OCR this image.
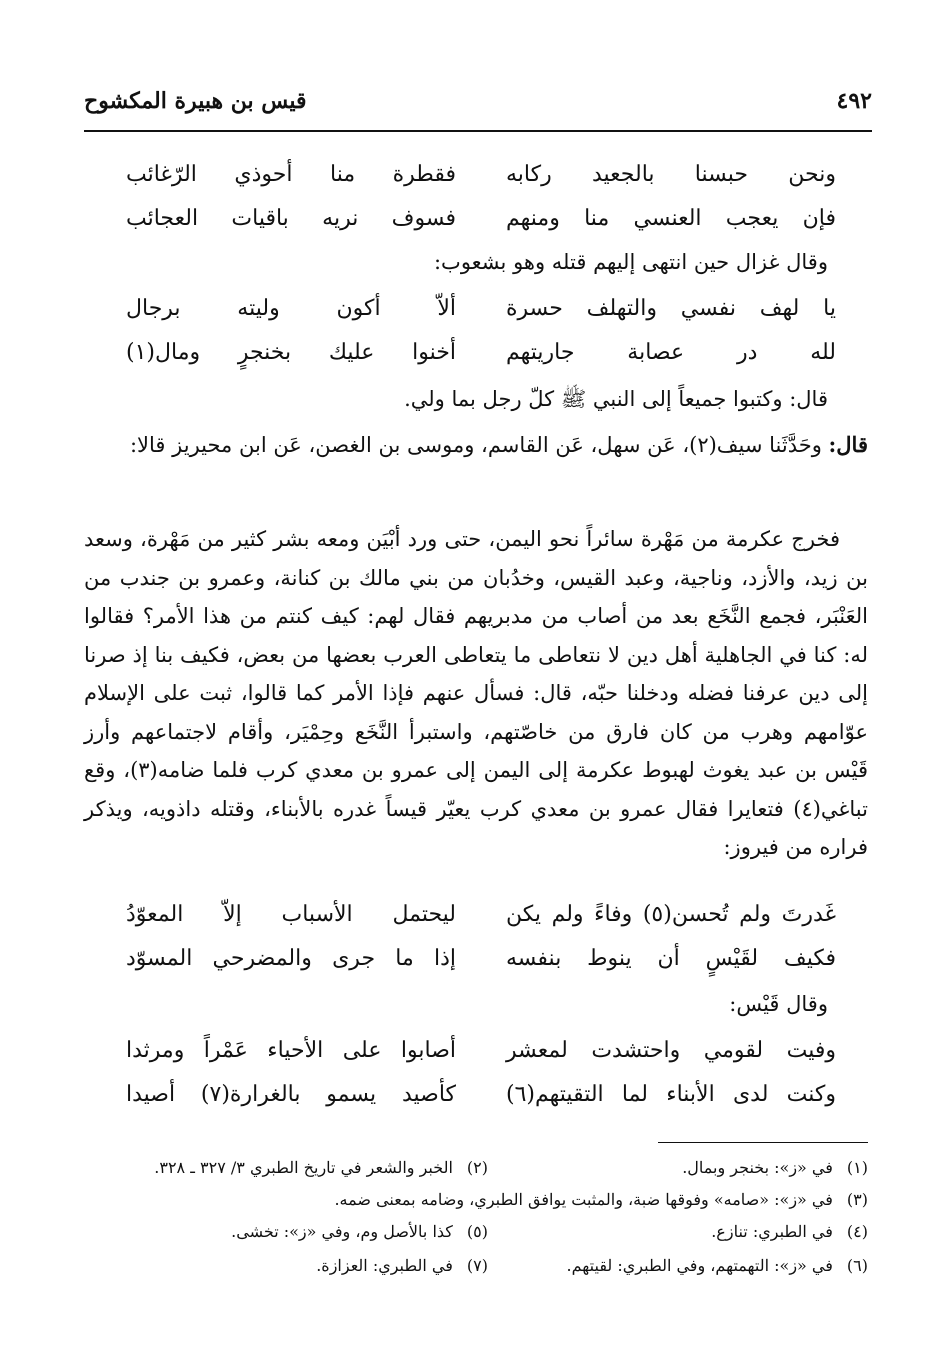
٤٩٢
قيس بن هبيرة المكشوح
ونحن حبسنا بالجعيد ركابه
فقطرة منا أحوذي الرّغائب
فإن يعجب العنسي منا ومنهم
فسوف نريه باقيات العجائب
وقال غزال حين انتهى إليهم قتله وهو بشعوب:
يا لهف نفسي والتهلف حسرة
ألاّ أكون وليته برجال
لله در عصابة جاريتهم
أخنوا عليك بخنجرٍ ومال(١)
قال: وكتبوا جميعاً إلى النبي ﷺ كلّ رجل بما ولي.
قال: وحَدَّثَنا سيف(٢)، عَن سهل، عَن القاسم، وموسى بن الغصن، عَن ابن محيريز قالا:
فخرج عكرمة من مَهْرة سائراً نحو اليمن، حتى ورد أبْيَن ومعه بشر كثير من مَهْرة، وسعد بن زيد، والأزد، وناجية، وعبد القيس، وخدُبان من بني مالك بن كنانة، وعمرو بن جندب من العَنْبَر، فجمع النَّخَع بعد من أصاب من مدبريهم فقال لهم: كيف كنتم من هذا الأمر؟ فقالوا له: كنا في الجاهلية أهل دين لا نتعاطى ما يتعاطى العرب بعضها من بعض، فكيف بنا إذ صرنا إلى دين عرفنا فضله ودخلنا حبّه، قال: فسأل عنهم فإذا الأمر كما قالوا، ثبت على الإسلام عوّامهم وهرب من كان فارق من خاصّتهم، واستبرأ النَّخَع وحِمْيَر، وأقام لاجتماعهم وأرز قَيْس بن عبد يغوث لهبوط عكرمة إلى اليمن إلى عمرو بن معدي كرب فلما ضامه(٣)، وقع تباغي(٤) فتعايرا فقال عمرو بن معدي كرب يعيّر قيساً غدره بالأبناء، وقتله داذويه، ويذكر فراره من فيروز:
غَدرتَ ولم تُحسن(٥) وفاءً ولم يكن
ليحتمل الأسباب إلاّ المعوّدُ
فكيف لقَيْسٍ أن ينوط بنفسه
إذا ما جرى والمضرحي المسوّد
وقال قَيْس:
وفيت لقومي واحتشدت لمعشر
أصابوا على الأحياء عَمْراً ومرثدا
وكنت لدى الأبناء لما التقيتهم(٦)
كأصيد يسمو بالغرارة(٧) أصيدا
(١) في «ز»: بخنجر وبمال.
(٢) الخبر والشعر في تاريخ الطبري ٣/ ٣٢٧ ـ ٣٢٨.
(٣) في «ز»: «صامه» وفوقها ضبة، والمثبت يوافق الطبري، وضامه بمعنى ضمه.
(٤) في الطبري: تنازع.
(٥) كذا بالأصل وم، وفي «ز»: تخشى.
(٦) في «ز»: التهمتهم، وفي الطبري: لقيتهم.
(٧) في الطبري: العزازة.
